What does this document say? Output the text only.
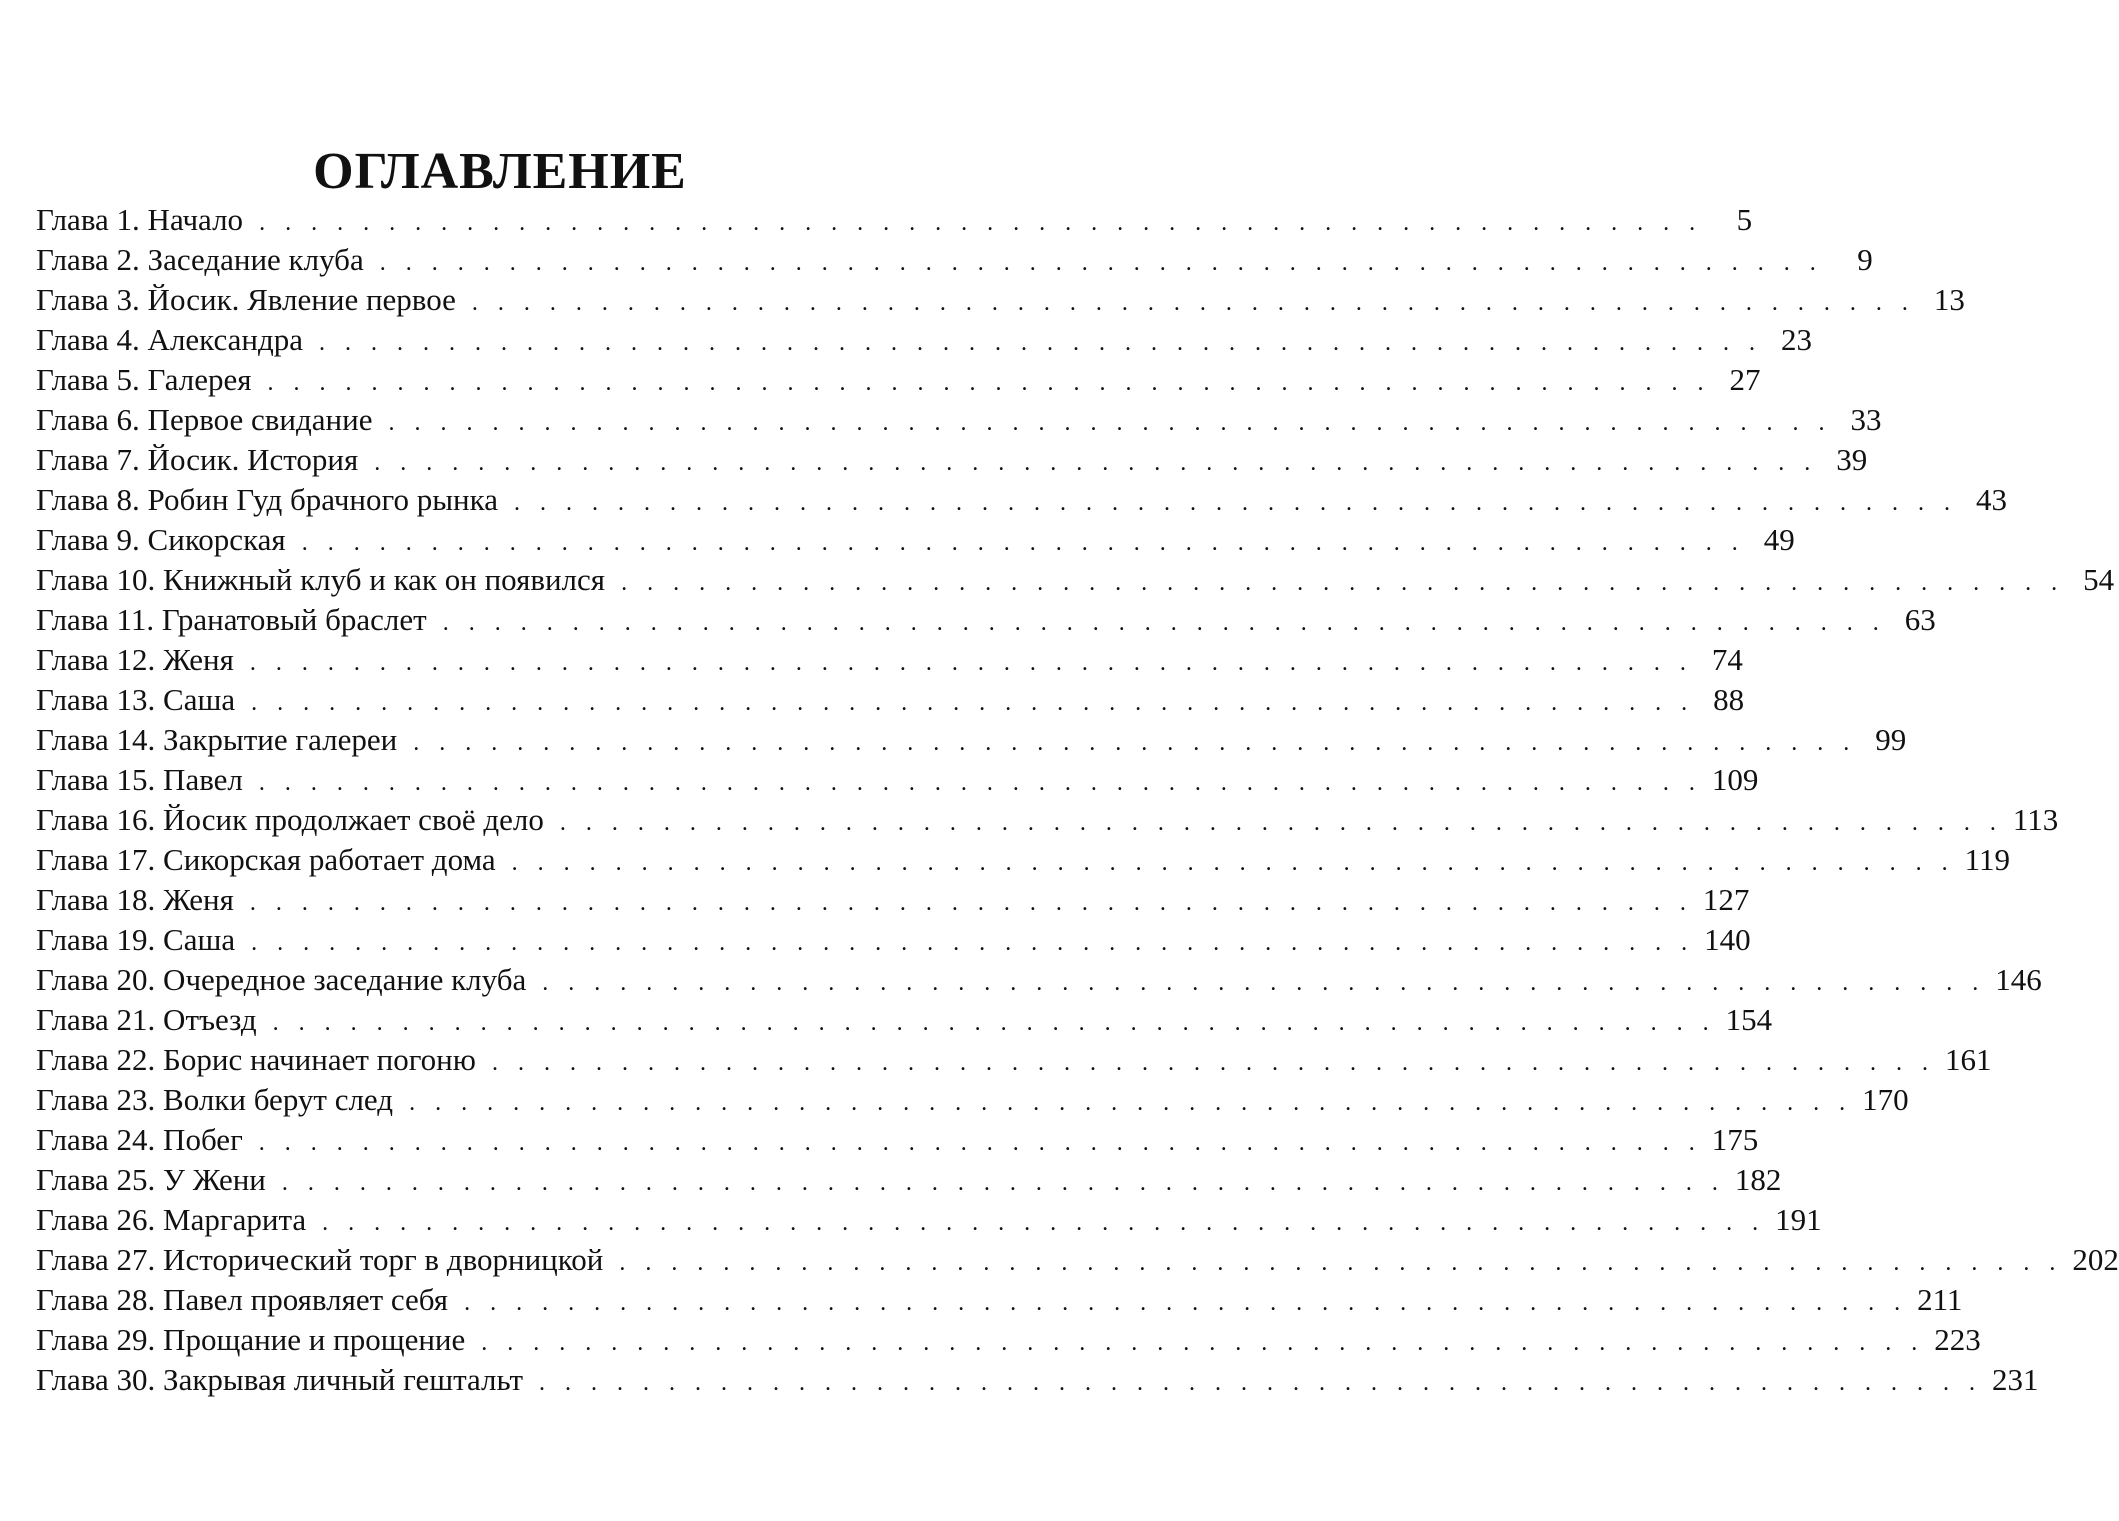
ОГЛАВЛЕНИЕ
Глава 1. Начало . . . . . . . . . . . . . . . . . . . . . . . . . . . . . . . . . . . . . . . . . . . . . . . . . . . . . . . .	5
Глава 2. Заседание клуба . . . . . . . . . . . . . . . . . . . . . . . . . . . . . . . . . . . . . . . . . . . . . . . . . . . . . . . .	9
Глава 3. Йосик. Явление первое . . . . . . . . . . . . . . . . . . . . . . . . . . . . . . . . . . . . . . . . . . . . . . . . . . . . . . . . 13
Глава 4. Александра . . . . . . . . . . . . . . . . . . . . . . . . . . . . . . . . . . . . . . . . . . . . . . . . . . . . . . . . 23
Глава 5. Галерея . . . . . . . . . . . . . . . . . . . . . . . . . . . . . . . . . . . . . . . . . . . . . . . . . . . . . . . . 27
Глава 6. Первое свидание . . . . . . . . . . . . . . . . . . . . . . . . . . . . . . . . . . . . . . . . . . . . . . . . . . . . . . . . 33
Глава 7. Йосик. История . . . . . . . . . . . . . . . . . . . . . . . . . . . . . . . . . . . . . . . . . . . . . . . . . . . . . . . . 39
Глава 8. Робин Гуд брачного рынка . . . . . . . . . . . . . . . . . . . . . . . . . . . . . . . . . . . . . . . . . . . . . . . . . . . . . . . . 43
Глава 9. Сикорская . . . . . . . . . . . . . . . . . . . . . . . . . . . . . . . . . . . . . . . . . . . . . . . . . . . . . . . . 49
Глава 10. Книжный клуб и как он появился . . . . . . . . . . . . . . . . . . . . . . . . . . . . . . . . . . . . . . . . . . . . . . . . . . . . . . . . 54
Глава 11. Гранатовый браслет . . . . . . . . . . . . . . . . . . . . . . . . . . . . . . . . . . . . . . . . . . . . . . . . . . . . . . . . 63
Глава 12. Женя . . . . . . . . . . . . . . . . . . . . . . . . . . . . . . . . . . . . . . . . . . . . . . . . . . . . . . . . 74
Глава 13. Саша . . . . . . . . . . . . . . . . . . . . . . . . . . . . . . . . . . . . . . . . . . . . . . . . . . . . . . . . 88
Глава 14. Закрытие галереи . . . . . . . . . . . . . . . . . . . . . . . . . . . . . . . . . . . . . . . . . . . . . . . . . . . . . . . . 99
Глава 15. Павел . . . . . . . . . . . . . . . . . . . . . . . . . . . . . . . . . . . . . . . . . . . . . . . . . . . . . . . . 109
Глава 16. Йосик продолжает своё дело . . . . . . . . . . . . . . . . . . . . . . . . . . . . . . . . . . . . . . . . . . . . . . . . . . . . . . . . 113
Глава 17. Сикорская работает дома . . . . . . . . . . . . . . . . . . . . . . . . . . . . . . . . . . . . . . . . . . . . . . . . . . . . . . . . 119
Глава 18. Женя . . . . . . . . . . . . . . . . . . . . . . . . . . . . . . . . . . . . . . . . . . . . . . . . . . . . . . . . 127
Глава 19. Саша . . . . . . . . . . . . . . . . . . . . . . . . . . . . . . . . . . . . . . . . . . . . . . . . . . . . . . . . 140
Глава 20. Очередное заседание клуба . . . . . . . . . . . . . . . . . . . . . . . . . . . . . . . . . . . . . . . . . . . . . . . . . . . . . . . . 146
Глава 21. Отъезд . . . . . . . . . . . . . . . . . . . . . . . . . . . . . . . . . . . . . . . . . . . . . . . . . . . . . . . . 154
Глава 22. Борис начинает погоню . . . . . . . . . . . . . . . . . . . . . . . . . . . . . . . . . . . . . . . . . . . . . . . . . . . . . . . . 161
Глава 23. Волки берут след . . . . . . . . . . . . . . . . . . . . . . . . . . . . . . . . . . . . . . . . . . . . . . . . . . . . . . . . 170
Глава 24. Побег . . . . . . . . . . . . . . . . . . . . . . . . . . . . . . . . . . . . . . . . . . . . . . . . . . . . . . . . 175
Глава 25. У Жени . . . . . . . . . . . . . . . . . . . . . . . . . . . . . . . . . . . . . . . . . . . . . . . . . . . . . . . . 182
Глава 26. Маргарита . . . . . . . . . . . . . . . . . . . . . . . . . . . . . . . . . . . . . . . . . . . . . . . . . . . . . . . . 191
Глава 27. Исторический торг в дворницкой . . . . . . . . . . . . . . . . . . . . . . . . . . . . . . . . . . . . . . . . . . . . . . . . . . . . . . . . 202
Глава 28. Павел проявляет себя . . . . . . . . . . . . . . . . . . . . . . . . . . . . . . . . . . . . . . . . . . . . . . . . . . . . . . . . 211
Глава 29. Прощание и прощение . . . . . . . . . . . . . . . . . . . . . . . . . . . . . . . . . . . . . . . . . . . . . . . . . . . . . . . . 223
Глава 30. Закрывая личный гештальт . . . . . . . . . . . . . . . . . . . . . . . . . . . . . . . . . . . . . . . . . . . . . . . . . . . . . . . . 231
